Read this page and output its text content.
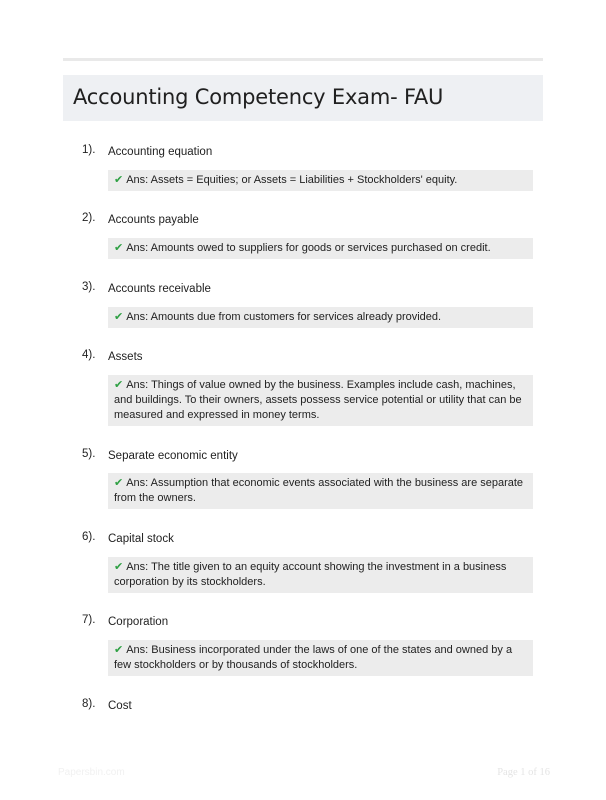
Accounting Competency Exam- FAU
1). Accounting equation
✔ Ans: Assets = Equities; or Assets = Liabilities + Stockholders' equity.
2). Accounts payable
✔ Ans: Amounts owed to suppliers for goods or services purchased on credit.
3). Accounts receivable
✔ Ans: Amounts due from customers for services already provided.
4). Assets
✔ Ans: Things of value owned by the business. Examples include cash, machines, and buildings. To their owners, assets possess service potential or utility that can be measured and expressed in money terms.
5). Separate economic entity
✔ Ans: Assumption that economic events associated with the business are separate from the owners.
6). Capital stock
✔ Ans: The title given to an equity account showing the investment in a business corporation by its stockholders.
7). Corporation
✔ Ans: Business incorporated under the laws of one of the states and owned by a few stockholders or by thousands of stockholders.
8). Cost
Papersbin.com	Page 1 of 16
